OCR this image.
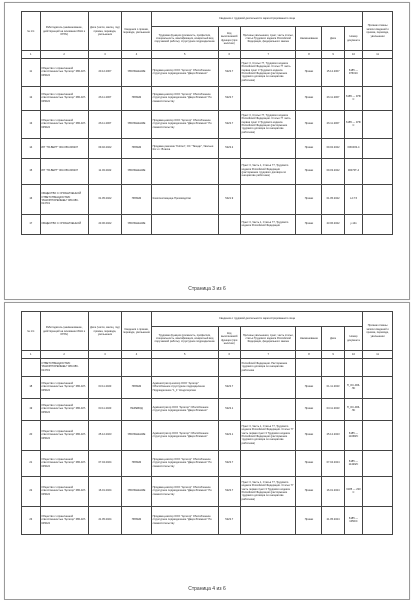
№ п/п	Работодатель (наименование, действующий на основании ИНН и ОГРН)	Дата (число, месяц, год) приема, перевода, увольнения	Сведения о приеме, переводе, увольнении	Сведения о трудовой деятельности зарегистрированного лица						Признак отмены записи сведений о приеме, переводе, увольнении
				Трудовая функция (должность, профессия, специальность, квалификация, конкретный вид поручаемой работы), структурное подразделение	Код выполняемой функции (при наличии)	Причины увольнения, пункт, часть статьи, статья Трудового кодекса Российской Федерации, федерального закона	Наименование	Дата	Номер документа	
1	2	3	4	5	6	7	8	9	10	11
11	Общество с ограниченной ответственностью "Аргегор" 080-027-045024	20.12.2007	УВОЛЬНЕНИЕ	Продавец-кассир ООО "Аргегор" Обособленное структурное подразделение "Двери Ближних"	5223.7	Пункт 3, Статьи 77, Трудового кодекса Российской Федерации. Статья 77 часть первая пункт 3 Трудового кодекса Российской Федерации (расторжение трудового договора по инициативе работника)	Приказ	15.12.2007	6185 — 07601С	
12	Общество с ограниченной ответственностью "Аргегор" 080-027-045024	26.11.2007	ПРИЕМ	Продавец-кассир ООО "Аргегор" Обособленное структурное подразделение "Двери Ближних" По совместительству	5223.7		Приказ	26.11.2007	6185 — 076/С	
13	Общество с ограниченной ответственностью "Аргегор" 080-027-045024	26.11.2007	УВОЛЬНЕНИЕ	Продавец-кассир ООО "Аргегор" Обособленное структурное подразделение "Двери Ближних" По совместительству	5223.7	Пункт 3, Статьи 77, Трудового кодекса Российской Федерации. Статья 77 часть первая пункт 3 Трудового кодекса Российской Федерации (расторжение трудового договора по инициативе работника)	Приказ	26.11.2007	6185 — 076/С	
14	ИП "ГЯ-ВЕРТ" 003-059-636207	09.02.2022	ПРИЕМ	Продавец магазин "Kolinet", ОС "Твоцар", Увольня Кэт и г. Власка	5223.2		Приказ	09.02.2022	006г003-4	
15	ИП "ГЯ-ВЕРТ" 003-059-636207	11.03.2022	УВОЛЬНЕНИЕ			Пункт 3, Часть 1, Статья 77, Трудового кодекса Российской Федерации (расторжение трудового договора по инициативе работника)	Приказ	09.03.2022	00070Т-4	
16	ОБЩЕСТВО С ОГРАНИЧЕННОЙ ОТВЕТСТВЕННОСТЬЮ "ИНКОРПОРЕЙШЕН" 080-080-014719	01.05.2022	ПРИЕМ	Комплектовщица Производство	5421.9		Приказ	01.05.2022	п-17.5	
17	ОБЩЕСТВО С ОГРАНИЧЕННОЙ	23.06.2022	УВОЛЬНЕНИЕ			Пункт 3, Часть 1, Статья 77, Трудового кодекса Российской Федерации	Приказ	23.06.2022	у-141	
Страница 3 из 6
№ п/п	Работодатель (наименование, действующий на основании ИНН и ОГРН)	Дата (число, месяц, год) приема, перевода, увольнения	Сведения о приеме, переводе, увольнении	Сведения о трудовой деятельности зарегистрированного лица						Признак отмены записи сведений о приеме, переводе, увольнении
				Трудовая функция (должность, профессия, специальность, квалификация, конкретный вид поручаемой работы), структурное подразделение	Код выполняемой функции (при наличии)	Причины увольнения, пункт, часть статьи, статья Трудового кодекса Российской Федерации, федерального закона	Наименование	Дата	Номер документа	
1	2	3	4	5	6	7	8	9	10	11
	ОТВЕТСТВЕННОСТЬЮ "ИНКОРПОРЕЙШЕН" 080-080-014719					Российской Федерации. Расторжение трудового договора по инициативе работника				
18	Общество с ограниченной ответственностью "Аргегор" 080-027-045024	03.11.2023	ПРИЕМ	Администратор-кассир ООО "Аргегор" Обособленное структурное подразделение Подразделение "1_1" Кондитерская	5223.7		Приказ	01.11.2023	П_ОС-006-ЛС	
19	Общество с ограниченной ответственностью "Аргегор" 080-027-045024	03.11.2023	ПЕРЕВОД	Администратор ООО "Аргегор" Обособленное структурное подразделение "Двери Ближних"	5223.1		Приказ	03.11.2023	П_ОС-006-ЛС	
20	Общество с ограниченной ответственностью "Аргегор" 080-027-045024	25.12.2023	УВОЛЬНЕНИЕ	Администратор ООО "Аргегор" Обособленное структурное подразделение "Двери Ближних"	5223.1	Пункт 3, Часть 1, Статья 77, Трудового кодекса Российской Федерации. Статья 77 часть первая пункт 3 Трудового кодекса Российской Федерации (расторжение трудового договора по инициативе работника)	Приказ	25.12.2023	6185 — 11068/С	
21	Общество с ограниченной ответственностью "Аргегор" 080-027-045024	07.04.2024	ПРИЕМ	Продавец-кассир ООО "Аргегор" Обособленное структурное подразделение "Двери Ближних" По совместительству	5223.7		Приказ	07.04.2024	6185 — 11429/С	
22	Общество с ограниченной ответственностью "Аргегор" 080-027-045024	16.01.2024	УВОЛЬНЕНИЕ	Продавец-кассир ООО "Аргегор" Обособленное структурное подразделение "Двери Ближних" По совместительству	5223.7	Пункт 3, Часть 1, Статья 77, Трудового кодекса Российской Федерации. Статья 77 часть первая пункт 3 Трудового кодекса Российской Федерации (расторжение трудового договора по инициативе работника)	Приказ	16.01.2024	6185 — 230 С	
23	Общество с ограниченной ответственностью "Аргегор" 080-027-045024	21.05.2024	ПРИЕМ	Продавец-кассир ООО "Аргегор" Обособленное структурное подразделение "Двери Ближних" По совместительству	5223.7		Приказ	21.05.2024	6185 — 1050/С	
Страница 4 из 6
